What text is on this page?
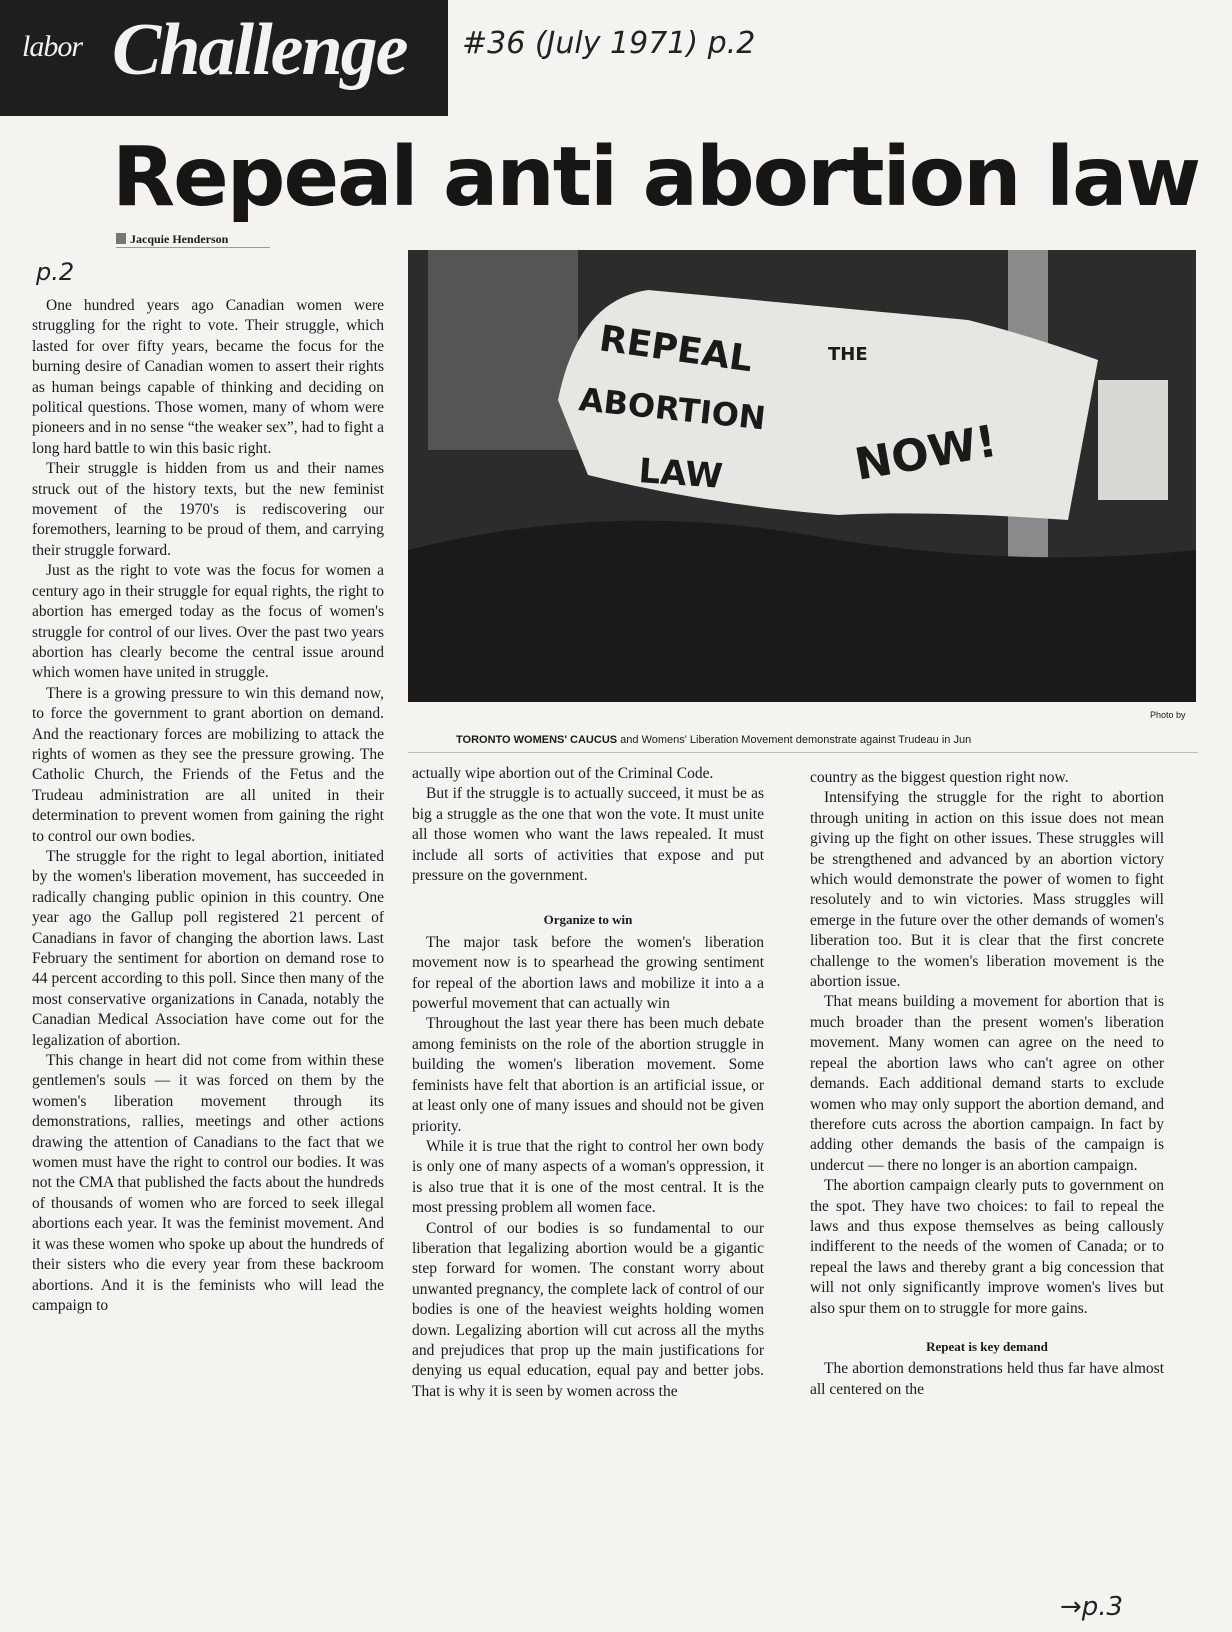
labor Challenge #36 (July 1971) p.2
Repeal anti abortion law
Jacquie Henderson
p.2

One hundred years ago Canadian women were struggling for the right to vote. Their struggle, which lasted for over fifty years, became the focus for the burning desire of Canadian women to assert their rights as human beings capable of thinking and deciding on political questions. Those women, many of whom were pioneers and in no sense “the weaker sex”, had to fight a long hard battle to win this basic right.

Their struggle is hidden from us and their names struck out of the history texts, but the new feminist movement of the 1970's is rediscovering our foremothers, learning to be proud of them, and carrying their struggle forward.

Just as the right to vote was the focus for women a century ago in their struggle for equal rights, the right to abortion has emerged today as the focus of women's struggle for control of our lives. Over the past two years abortion has clearly become the central issue around which women have united in struggle.

There is a growing pressure to win this demand now, to force the government to grant abortion on demand. And the reactionary forces are mobilizing to attack the rights of women as they see the pressure growing. The Catholic Church, the Friends of the Fetus and the Trudeau administration are all united in their determination to prevent women from gaining the right to control our own bodies.

The struggle for the right to legal abortion, initiated by the women's liberation movement, has succeeded in radically changing public opinion in this country. One year ago the Gallup poll registered 21 percent of Canadians in favor of changing the abortion laws. Last February the sentiment for abortion on demand rose to 44 percent according to this poll. Since then many of the most conservative organizations in Canada, notably the Canadian Medical Association have come out for the legalization of abortion.

This change in heart did not come from within these gentlemen's souls — it was forced on them by the women's liberation movement through its demonstrations, rallies, meetings and other actions drawing the attention of Canadians to the fact that we women must have the right to control our bodies. It was not the CMA that published the facts about the hundreds of thousands of women who are forced to seek illegal abortions each year. It was the feminist movement. And it was these women who spoke up about the hundreds of their sisters who die every year from these backroom abortions. And it is the feminists who will lead the campaign to

REPEAL	THE
ABORTION
LAW	NOW!
Photo by
TORONTO WOMENS' CAUCUS and Womens' Liberation Movement demonstrate against Trudeau in Jun

actually wipe abortion out of the Criminal Code.

But if the struggle is to actually succeed, it must be as big a struggle as the one that won the vote. It must unite all those women who want the laws repealed. It must include all sorts of activities that expose and put pressure on the government.

Organize to win

The major task before the women's liberation movement now is to spearhead the growing sentiment for repeal of the abortion laws and mobilize it into a a powerful movement that can actually win

Throughout the last year there has been much debate among feminists on the role of the abortion struggle in building the women's liberation movement. Some feminists have felt that abortion is an artificial issue, or at least only one of many issues and should not be given priority.

While it is true that the right to control her own body is only one of many aspects of a woman's oppression, it is also true that it is one of the most central. It is the most pressing problem all women face.

Control of our bodies is so fundamental to our liberation that legalizing abortion would be a gigantic step forward for women. The constant worry about unwanted pregnancy, the complete lack of control of our bodies is one of the heaviest weights holding women down. Legalizing abortion will cut across all the myths and prejudices that prop up the main justifications for denying us equal education, equal pay and better jobs. That is why it is seen by women across the

country as the biggest question right now.

Intensifying the struggle for the right to abortion through uniting in action on this issue does not mean giving up the fight on other issues. These struggles will be strengthened and advanced by an abortion victory which would demonstrate the power of women to fight resolutely and to win victories. Mass struggles will emerge in the future over the other demands of women's liberation too. But it is clear that the first concrete challenge to the women's liberation movement is the abortion issue.

That means building a movement for abortion that is much broader than the present women's liberation movement. Many women can agree on the need to repeal the abortion laws who can't agree on other demands. Each additional demand starts to exclude women who may only support the abortion demand, and therefore cuts across the abortion campaign. In fact by adding other demands the basis of the campaign is undercut — there no longer is an abortion campaign.

The abortion campaign clearly puts to government on the spot. They have two choices: to fail to repeal the laws and thus expose themselves as being callously indifferent to the needs of the women of Canada; or to repeal the laws and thereby grant a big concession that will not only significantly improve women's lives but also spur them on to struggle for more gains.

Repeat is key demand

The abortion demonstrations held thus far have almost all centered on the

→p.3
